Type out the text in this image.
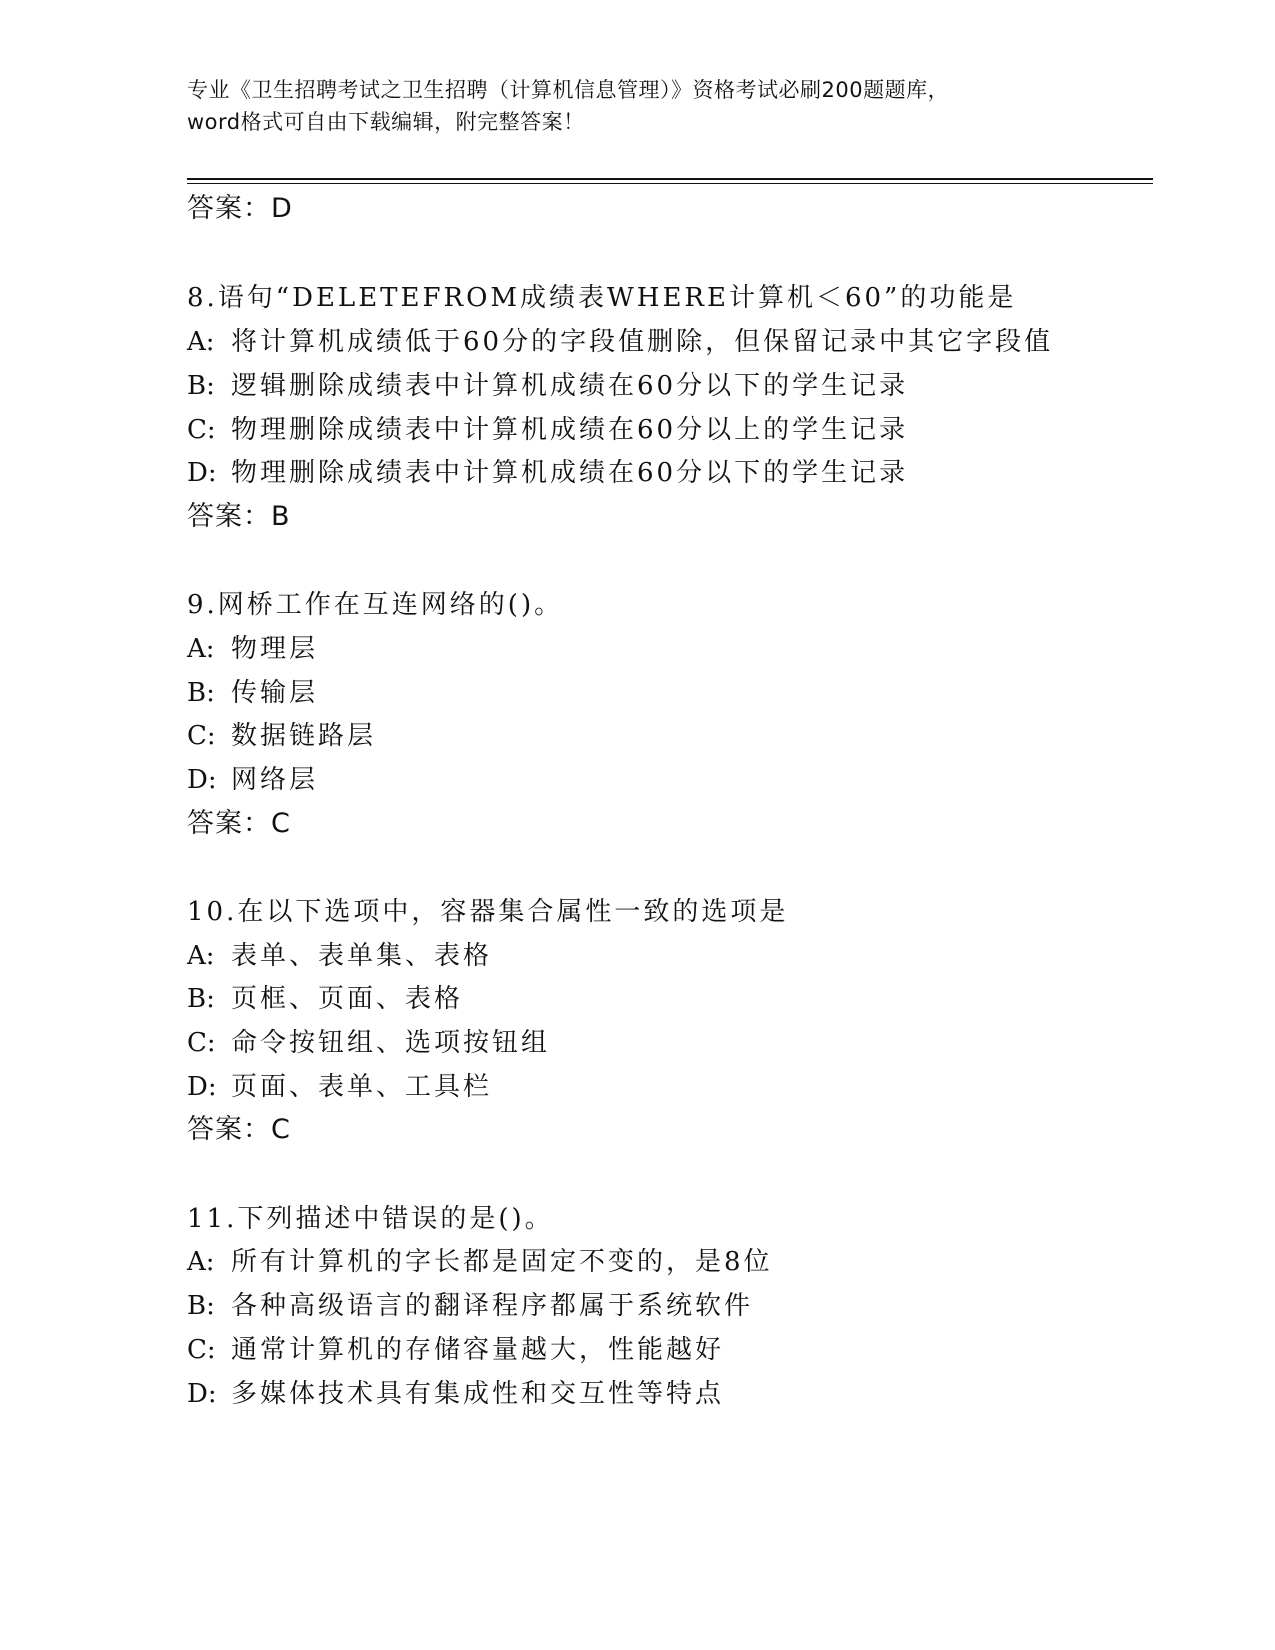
专业《卫生招聘考试之卫生招聘（计算机信息管理）》资格考试必刷200题题库，
word格式可自由下载编辑，附完整答案！
答案：D
8.语句“DELETEFROM成绩表WHERE计算机＜60”的功能是
A: 将计算机成绩低于60分的字段值删除，但保留记录中其它字段值
B: 逻辑删除成绩表中计算机成绩在60分以下的学生记录
C: 物理删除成绩表中计算机成绩在60分以上的学生记录
D: 物理删除成绩表中计算机成绩在60分以下的学生记录
答案：B
9.网桥工作在互连网络的()。
A: 物理层
B: 传输层
C: 数据链路层
D: 网络层
答案：C
10.在以下选项中，容器集合属性一致的选项是
A: 表单、表单集、表格
B: 页框、页面、表格
C: 命令按钮组、选项按钮组
D: 页面、表单、工具栏
答案：C
11.下列描述中错误的是()。
A: 所有计算机的字长都是固定不变的，是8位
B: 各种高级语言的翻译程序都属于系统软件
C: 通常计算机的存储容量越大，性能越好
D: 多媒体技术具有集成性和交互性等特点
